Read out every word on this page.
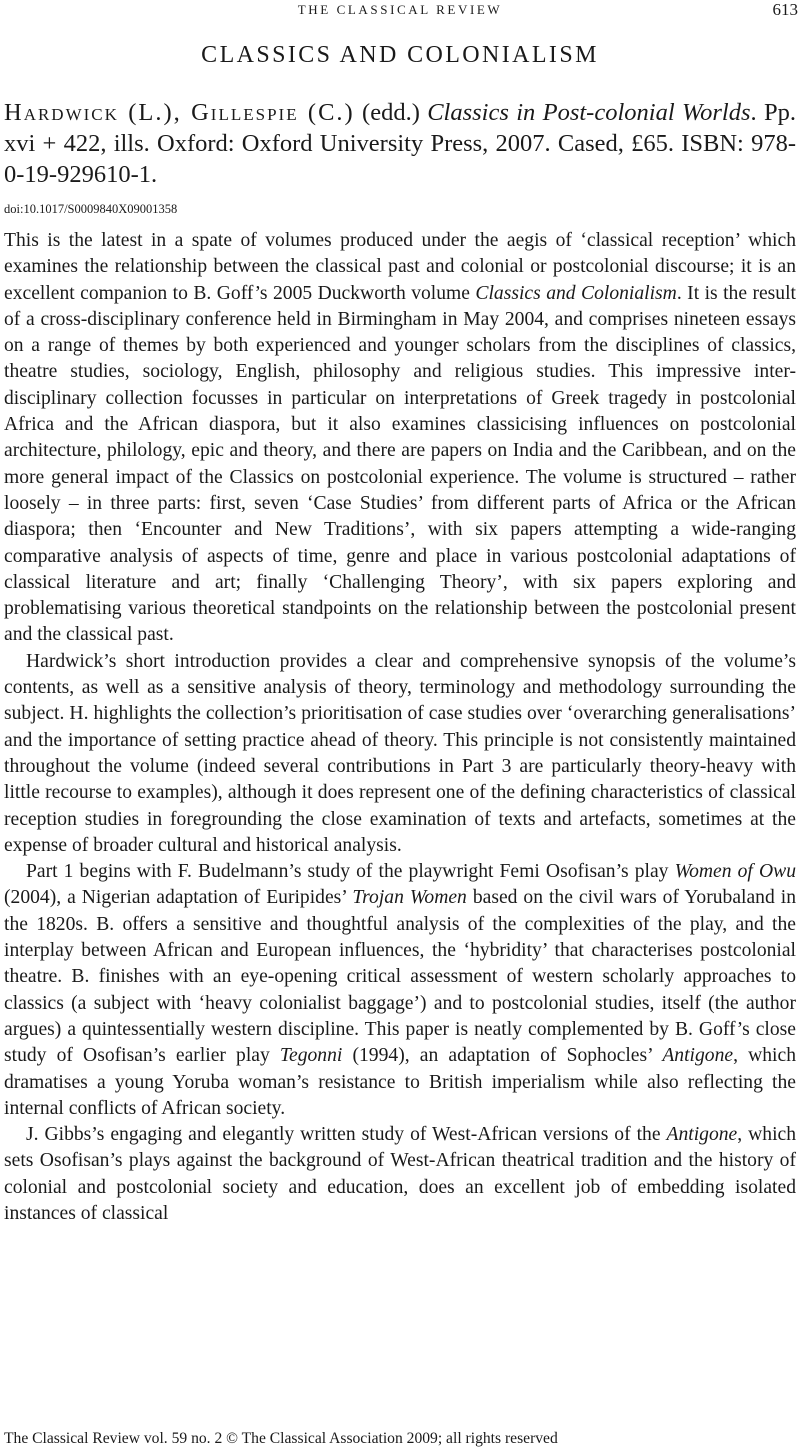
THE CLASSICAL REVIEW	613
CLASSICS AND COLONIALISM
Hardwick (L.), Gillespie (C.) (edd.) Classics in Post-colonial Worlds. Pp. xvi + 422, ills. Oxford: Oxford University Press, 2007. Cased, £65. ISBN: 978-0-19-929610-1.
doi:10.1017/S0009840X09001358

This is the latest in a spate of volumes produced under the aegis of ‘classical reception’ which examines the relationship between the classical past and colonial or postcolonial discourse; it is an excellent companion to B. Goff’s 2005 Duckworth volume Classics and Colonialism. It is the result of a cross-disciplinary conference held in Birmingham in May 2004, and comprises nineteen essays on a range of themes by both experienced and younger scholars from the disciplines of classics, theatre studies, sociology, English, philosophy and religious studies. This impressive inter-disciplinary collection focusses in particular on interpretations of Greek tragedy in postcolonial Africa and the African diaspora, but it also examines classicising influences on postcolonial architecture, philology, epic and theory, and there are papers on India and the Caribbean, and on the more general impact of the Classics on postcolonial experience. The volume is structured – rather loosely – in three parts: first, seven ‘Case Studies’ from different parts of Africa or the African diaspora; then ‘Encounter and New Traditions’, with six papers attempting a wide-ranging comparative analysis of aspects of time, genre and place in various postcolonial adaptations of classical literature and art; finally ‘Challenging Theory’, with six papers exploring and problematising various theoretical standpoints on the relationship between the postcolonial present and the classical past.

Hardwick’s short introduction provides a clear and comprehensive synopsis of the volume’s contents, as well as a sensitive analysis of theory, terminology and methodology surrounding the subject. H. highlights the collection’s prioritisation of case studies over ‘overarching generalisations’ and the importance of setting practice ahead of theory. This principle is not consistently maintained throughout the volume (indeed several contributions in Part 3 are particularly theory-heavy with little recourse to examples), although it does represent one of the defining characteristics of classical reception studies in foregrounding the close examination of texts and artefacts, sometimes at the expense of broader cultural and historical analysis.

Part 1 begins with F. Budelmann’s study of the playwright Femi Osofisan’s play Women of Owu (2004), a Nigerian adaptation of Euripides’ Trojan Women based on the civil wars of Yorubaland in the 1820s. B. offers a sensitive and thoughtful analysis of the complexities of the play, and the interplay between African and European influences, the ‘hybridity’ that characterises postcolonial theatre. B. finishes with an eye-opening critical assessment of western scholarly approaches to classics (a subject with ‘heavy colonialist baggage’) and to postcolonial studies, itself (the author argues) a quintessentially western discipline. This paper is neatly complemented by B. Goff’s close study of Osofisan’s earlier play Tegonni (1994), an adaptation of Sophocles’ Antigone, which dramatises a young Yoruba woman’s resistance to British imperialism while also reflecting the internal conflicts of African society.

J. Gibbs’s engaging and elegantly written study of West-African versions of the Antigone, which sets Osofisan’s plays against the background of West-African theatrical tradition and the history of colonial and postcolonial society and education, does an excellent job of embedding isolated instances of classical

The Classical Review vol. 59 no. 2 © The Classical Association 2009; all rights reserved
